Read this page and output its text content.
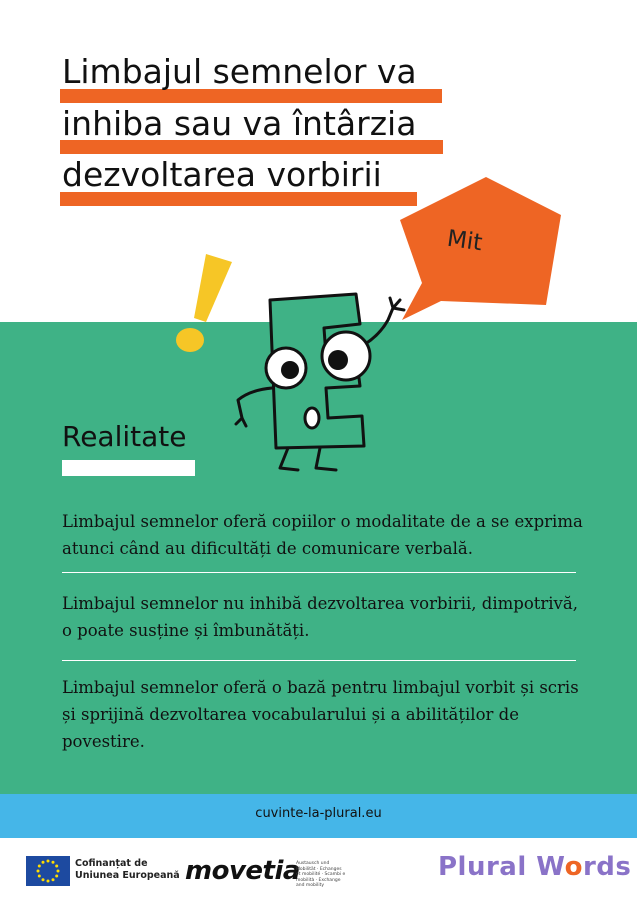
Limbajul semnelor va
inhiba sau va întârzia
dezvoltarea vorbirii
Mit
Realitate
Limbajul semnelor oferă copiilor o modalitate de a se exprima atunci când au dificultăți de comunicare verbală.
Limbajul semnelor nu inhibă dezvoltarea vorbirii, dimpotrivă, o poate susține și îmbunătăți.
Limbajul semnelor oferă o bază pentru limbajul vorbit și scris și sprijină dezvoltarea vocabularului și a abilităților de povestire.
cuvinte-la-plural.eu
Cofinanțat de
Uniunea Europeană movetia
Austausch und Mobilität · Echanges et mobilité · Scambi e mobilità · Exchange and mobility
Plural Words
